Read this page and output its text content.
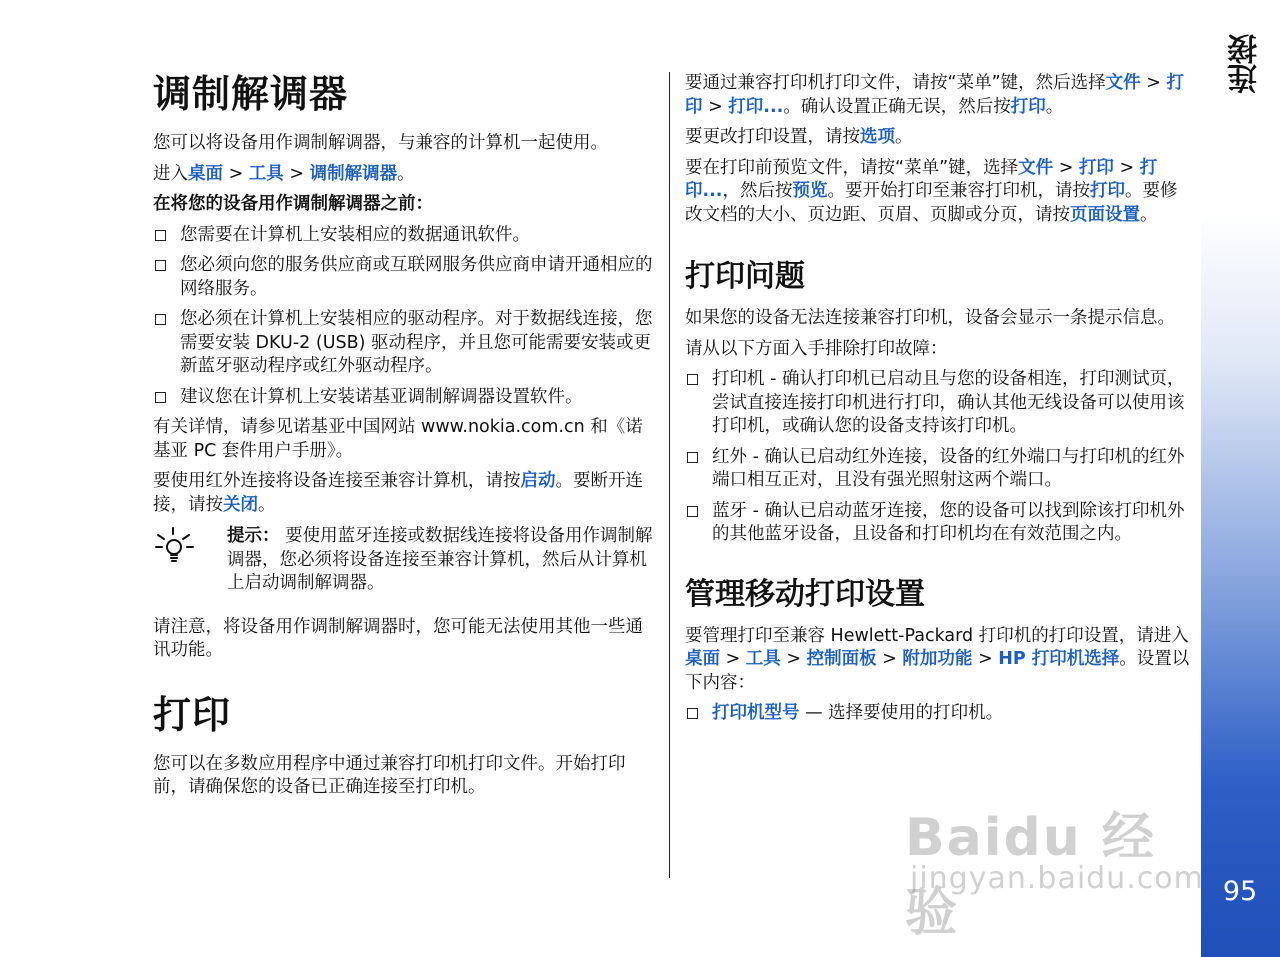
调制解调器

您可以将设备用作调制解调器，与兼容的计算机一起使用。

进入桌面 > 工具 > 调制解调器。

在将您的设备用作调制解调器之前：

您需要在计算机上安装相应的数据通讯软件。
您必须向您的服务供应商或互联网服务供应商申请开通相应的网络服务。
您必须在计算机上安装相应的驱动程序。对于数据线连接，您需要安装 DKU-2 (USB) 驱动程序，并且您可能需要安装或更新蓝牙驱动程序或红外驱动程序。
建议您在计算机上安装诺基亚调制解调器设置软件。

有关详情，请参见诺基亚中国网站 www.nokia.com.cn 和《诺基亚 PC 套件用户手册》。

要使用红外连接将设备连接至兼容计算机，请按启动。要断开连接，请按关闭。

提示： 要使用蓝牙连接或数据线连接将设备用作调制解调器，您必须将设备连接至兼容计算机，然后从计算机上启动调制解调器。

请注意，将设备用作调制解调器时，您可能无法使用其他一些通讯功能。

打印

您可以在多数应用程序中通过兼容打印机打印文件。开始打印前，请确保您的设备已正确连接至打印机。

要通过兼容打印机打印文件，请按“菜单”键，然后选择文件 > 打印 > 打印...。确认设置正确无误，然后按打印。

要更改打印设置，请按选项。

要在打印前预览文件，请按“菜单”键，选择文件 > 打印 > 打印...，然后按预览。要开始打印至兼容打印机，请按打印。要修改文档的大小、页边距、页眉、页脚或分页，请按页面设置。

打印问题

如果您的设备无法连接兼容打印机，设备会显示一条提示信息。

请从以下方面入手排除打印故障：

打印机 - 确认打印机已启动且与您的设备相连，打印测试页，尝试直接连接打印机进行打印，确认其他无线设备可以使用该打印机，或确认您的设备支持该打印机。
红外 - 确认已启动红外连接，设备的红外端口与打印机的红外端口相互正对，且没有强光照射这两个端口。
蓝牙 - 确认已启动蓝牙连接，您的设备可以找到除该打印机外的其他蓝牙设备，且设备和打印机均在有效范围之内。
管理移动打印设置

要管理打印至兼容 Hewlett-Packard 打印机的打印设置，请进入桌面 > 工具 > 控制面板 > 附加功能 > HP 打印机选择。设置以下内容：

打印机型号 — 选择要使用的打印机。
连接
95
Baidu 经验
jingyan.baidu.com
